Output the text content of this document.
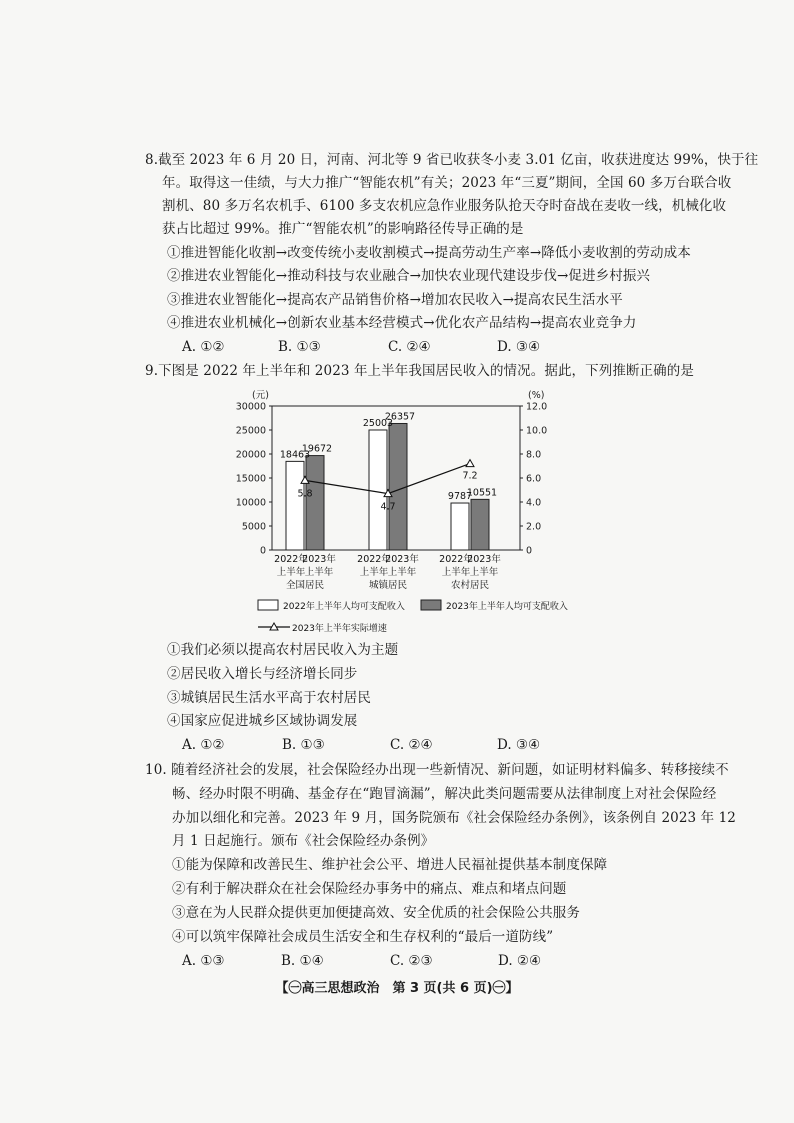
8.截至 2023 年 6 月 20 日，河南、河北等 9 省已收获冬小麦 3.01 亿亩，收获进度达 99%，快于往
年。取得这一佳绩，与大力推广“智能农机”有关；2023 年“三夏”期间，全国 60 多万台联合收
割机、80 多万名农机手、6100 多支农机应急作业服务队抢天夺时奋战在麦收一线，机械化收
获占比超过 99%。推广“智能农机”的影响路径传导正确的是
①推进智能化收割→改变传统小麦收割模式→提高劳动生产率→降低小麦收割的劳动成本
②推进农业智能化→推动科技与农业融合→加快农业现代建设步伐→促进乡村振兴
③推进农业智能化→提高农产品销售价格→增加农民收入→提高农民生活水平
④推进农业机械化→创新农业基本经营模式→优化农产品结构→提高农业竞争力
A. ①②	B. ①③	C. ②④	D. ③④
9.下图是 2022 年上半年和 2023 年上半年我国居民收入的情况。据此，下列推断正确的是
(元)	(%)
30000
25000
20000
15000
10000
5000
0
12.0
10.0
8.0
6.0
4.0
2.0
0
18463
19672
2022年
2023年
上半年 上半年
全国居民
25003
26357
2022年
2023年
上半年 上半年
城镇居民
9787
10551
2022年
2023年
上半年 上半年
农村居民
5.8
4.7
7.2
2022年上半年人均可支配收入	2023年上半年人均可支配收入
2023年上半年实际增速
①我们必须以提高农村居民收入为主题
②居民收入增长与经济增长同步
③城镇居民生活水平高于农村居民
④国家应促进城乡区域协调发展
A. ①②	B. ①③	C. ②④	D. ③④
10. 随着经济社会的发展，社会保险经办出现一些新情况、新问题，如证明材料偏多、转移接续不
畅、经办时限不明确、基金存在“跑冒滴漏”，解决此类问题需要从法律制度上对社会保险经
办加以细化和完善。2023 年 9 月，国务院颁布《社会保险经办条例》，该条例自 2023 年 12
月 1 日起施行。颁布《社会保险经办条例》
①能为保障和改善民生、维护社会公平、增进人民福祉提供基本制度保障
②有利于解决群众在社会保险经办事务中的痛点、难点和堵点问题
③意在为人民群众提供更加便捷高效、安全优质的社会保险公共服务
④可以筑牢保障社会成员生活安全和生存权利的“最后一道防线”
A. ①③	B. ①④	C. ②③	D. ②④
【㊀高三思想政治　第 3 页(共 6 页)㊀】
